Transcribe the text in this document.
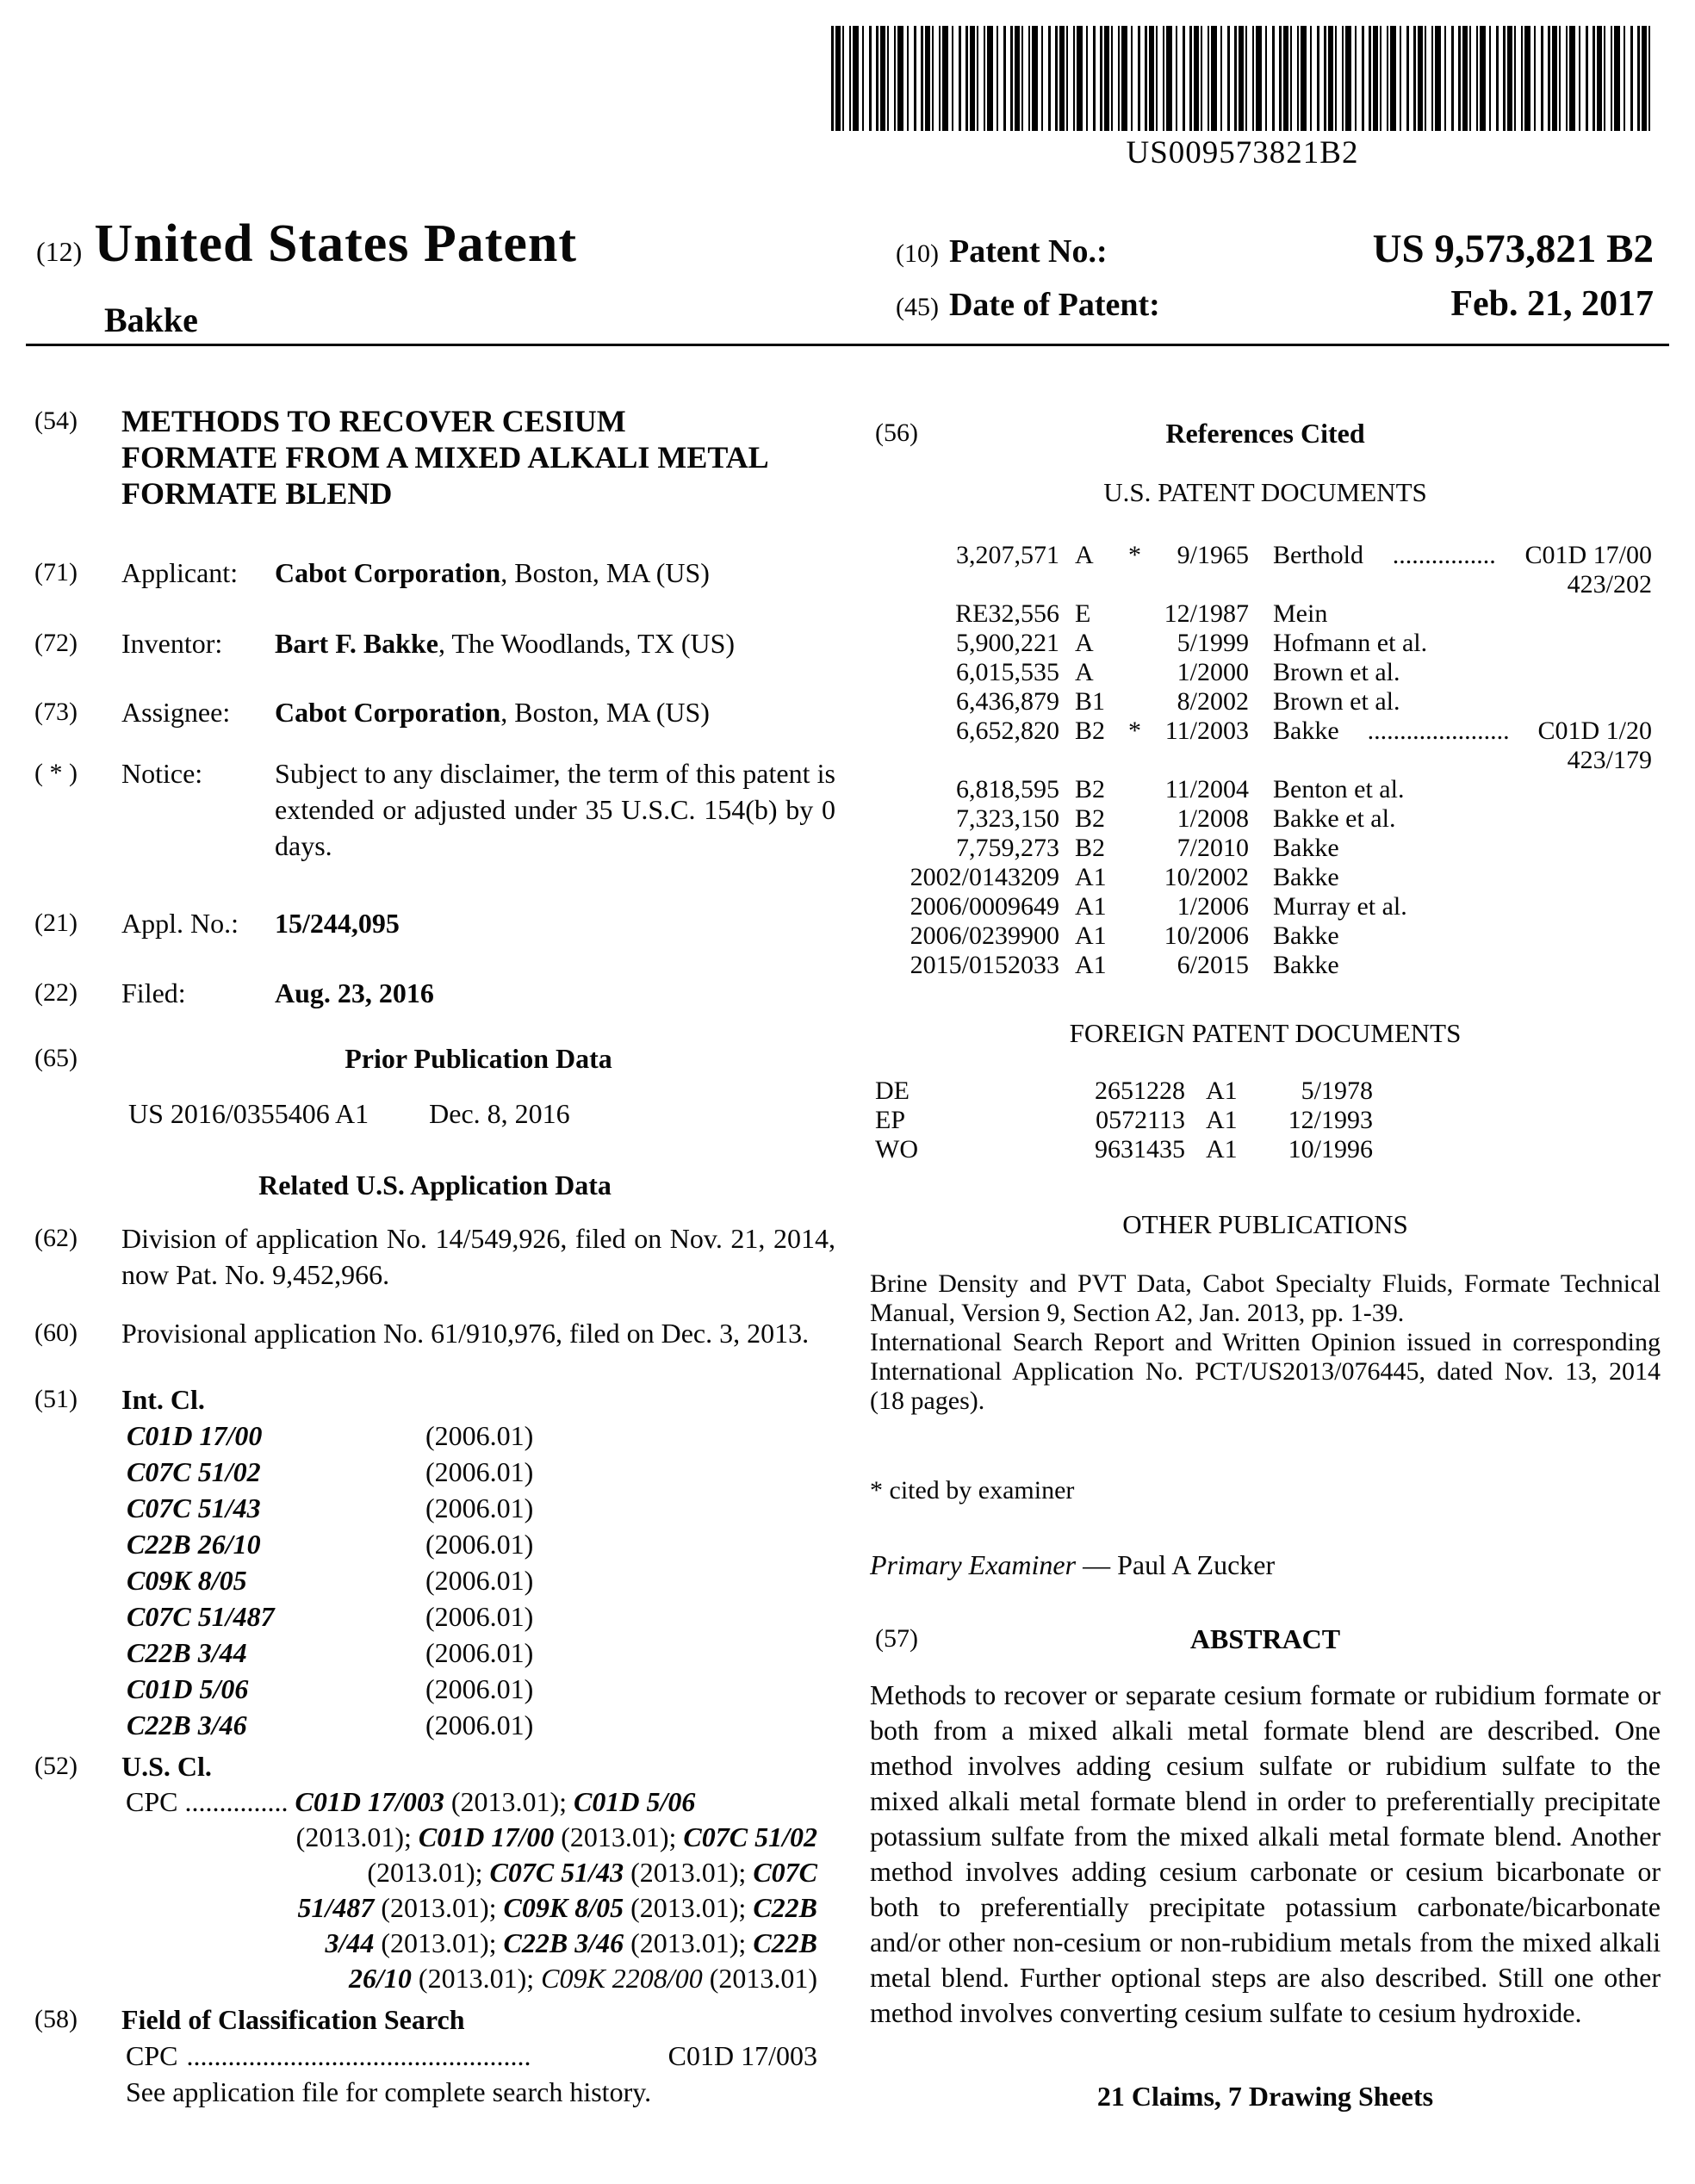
US009573821B2
(12) United States Patent
Bakke
(10) Patent No.:	US 9,573,821 B2
(45) Date of Patent:	Feb. 21, 2017
(54)	METHODS TO RECOVER CESIUM
FORMATE FROM A MIXED ALKALI METAL
FORMATE BLEND
(71)	Applicant:	Cabot Corporation, Boston, MA (US)
(72)	Inventor:	Bart F. Bakke, The Woodlands, TX (US)
(73)	Assignee:	Cabot Corporation, Boston, MA (US)
( * )	Notice:	Subject to any disclaimer, the term of this patent is extended or adjusted under 35 U.S.C. 154(b) by 0 days.
(21)	Appl. No.:	15/244,095
(22)	Filed:	Aug. 23, 2016
(65)	Prior Publication Data
US 2016/0355406 A1 Dec. 8, 2016
Related U.S. Application Data
(62)	Division of application No. 14/549,926, filed on Nov. 21, 2014, now Pat. No. 9,452,966.
(60)	Provisional application No. 61/910,976, filed on Dec. 3, 2013.
(51)	Int. Cl.
C01D 17/00	(2006.01)
C07C 51/02	(2006.01)
C07C 51/43	(2006.01)
C22B 26/10	(2006.01)
C09K 8/05	(2006.01)
C07C 51/487	(2006.01)
C22B 3/44	(2006.01)
C01D 5/06	(2006.01)
C22B 3/46	(2006.01)
(52)	U.S. Cl.
CPC ............... C01D 17/003 (2013.01); C01D 5/06
(2013.01); C01D 17/00 (2013.01); C07C 51/02
(2013.01); C07C 51/43 (2013.01); C07C
51/487 (2013.01); C09K 8/05 (2013.01); C22B
3/44 (2013.01); C22B 3/46 (2013.01); C22B
26/10 (2013.01); C09K 2208/00 (2013.01)
(58)	Field of Classification Search
CPC ..................................................	C01D 17/003
See application file for complete search history.
(56)	References Cited
U.S. PATENT DOCUMENTS
3,207,571 A	*	9/1965 Berthold	................	C01D 17/00
423/202
RE32,556 E	12/1987 Mein
5,900,221 A	5/1999 Hofmann et al.
6,015,535 A	1/2000 Brown et al.
6,436,879 B1	8/2002 Brown et al.
6,652,820 B2 * 11/2003 Bakke	......................	C01D 1/20
423/179
6,818,595 B2	11/2004 Benton et al.
7,323,150 B2	1/2008 Bakke et al.
7,759,273 B2	7/2010 Bakke
2002/0143209 A1	10/2002 Bakke
2006/0009649 A1	1/2006 Murray et al.
2006/0239900 A1	10/2006 Bakke
2015/0152033 A1	6/2015 Bakke
FOREIGN PATENT DOCUMENTS
DE	2651228 A1	5/1978
EP	0572113 A1	12/1993
WO	9631435 A1	10/1996
OTHER PUBLICATIONS

Brine Density and PVT Data, Cabot Specialty Fluids, Formate Technical Manual, Version 9, Section A2, Jan. 2013, pp. 1-39.

International Search Report and Written Opinion issued in corresponding International Application No. PCT/US2013/076445, dated Nov. 13, 2014 (18 pages).

* cited by examiner
Primary Examiner — Paul A Zucker
(57)	ABSTRACT
Methods to recover or separate cesium formate or rubidium formate or both from a mixed alkali metal formate blend are described. One method involves adding cesium sulfate or rubidium sulfate to the mixed alkali metal formate blend in order to preferentially precipitate potassium sulfate from the mixed alkali metal formate blend. Another method involves adding cesium carbonate or cesium bicarbonate or both to preferentially precipitate potassium carbonate/bicarbonate and/or other non-cesium or non-rubidium metals from the mixed alkali metal blend. Further optional steps are also described. Still one other method involves converting cesium sulfate to cesium hydroxide.
21 Claims, 7 Drawing Sheets
